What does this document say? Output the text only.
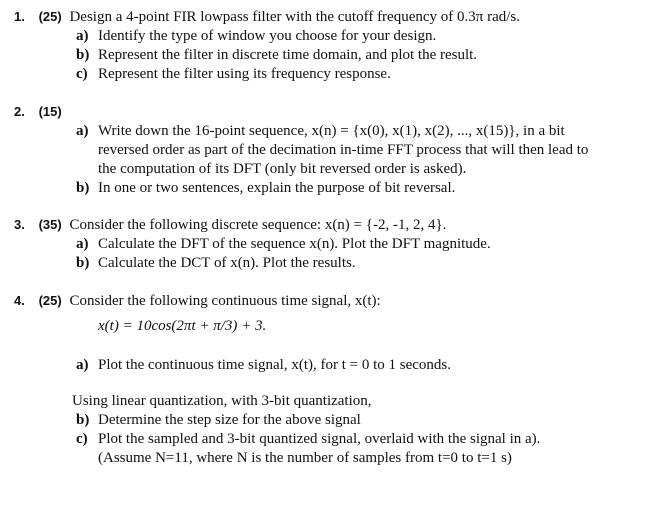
1. (25) Design a 4-point FIR lowpass filter with the cutoff frequency of 0.3π rad/s.
a) Identify the type of window you choose for your design.
b) Represent the filter in discrete time domain, and plot the result.
c) Represent the filter using its frequency response.
2. (15)
a) Write down the 16-point sequence, x(n) = {x(0), x(1), x(2), ..., x(15)}, in a bit
reversed order as part of the decimation in-time FFT process that will then lead to
the computation of its DFT (only bit reversed order is asked).
b) In one or two sentences, explain the purpose of bit reversal.
3. (35) Consider the following discrete sequence: x(n) = {-2, -1, 2, 4}.
a) Calculate the DFT of the sequence x(n). Plot the DFT magnitude.
b) Calculate the DCT of x(n). Plot the results.
4. (25) Consider the following continuous time signal, x(t):
x(t) = 10cos(2πt + π/3) + 3.
a) Plot the continuous time signal, x(t), for t = 0 to 1 seconds.
Using linear quantization, with 3-bit quantization,
b) Determine the step size for the above signal
c) Plot the sampled and 3-bit quantized signal, overlaid with the signal in a).
(Assume N=11, where N is the number of samples from t=0 to t=1 s)
